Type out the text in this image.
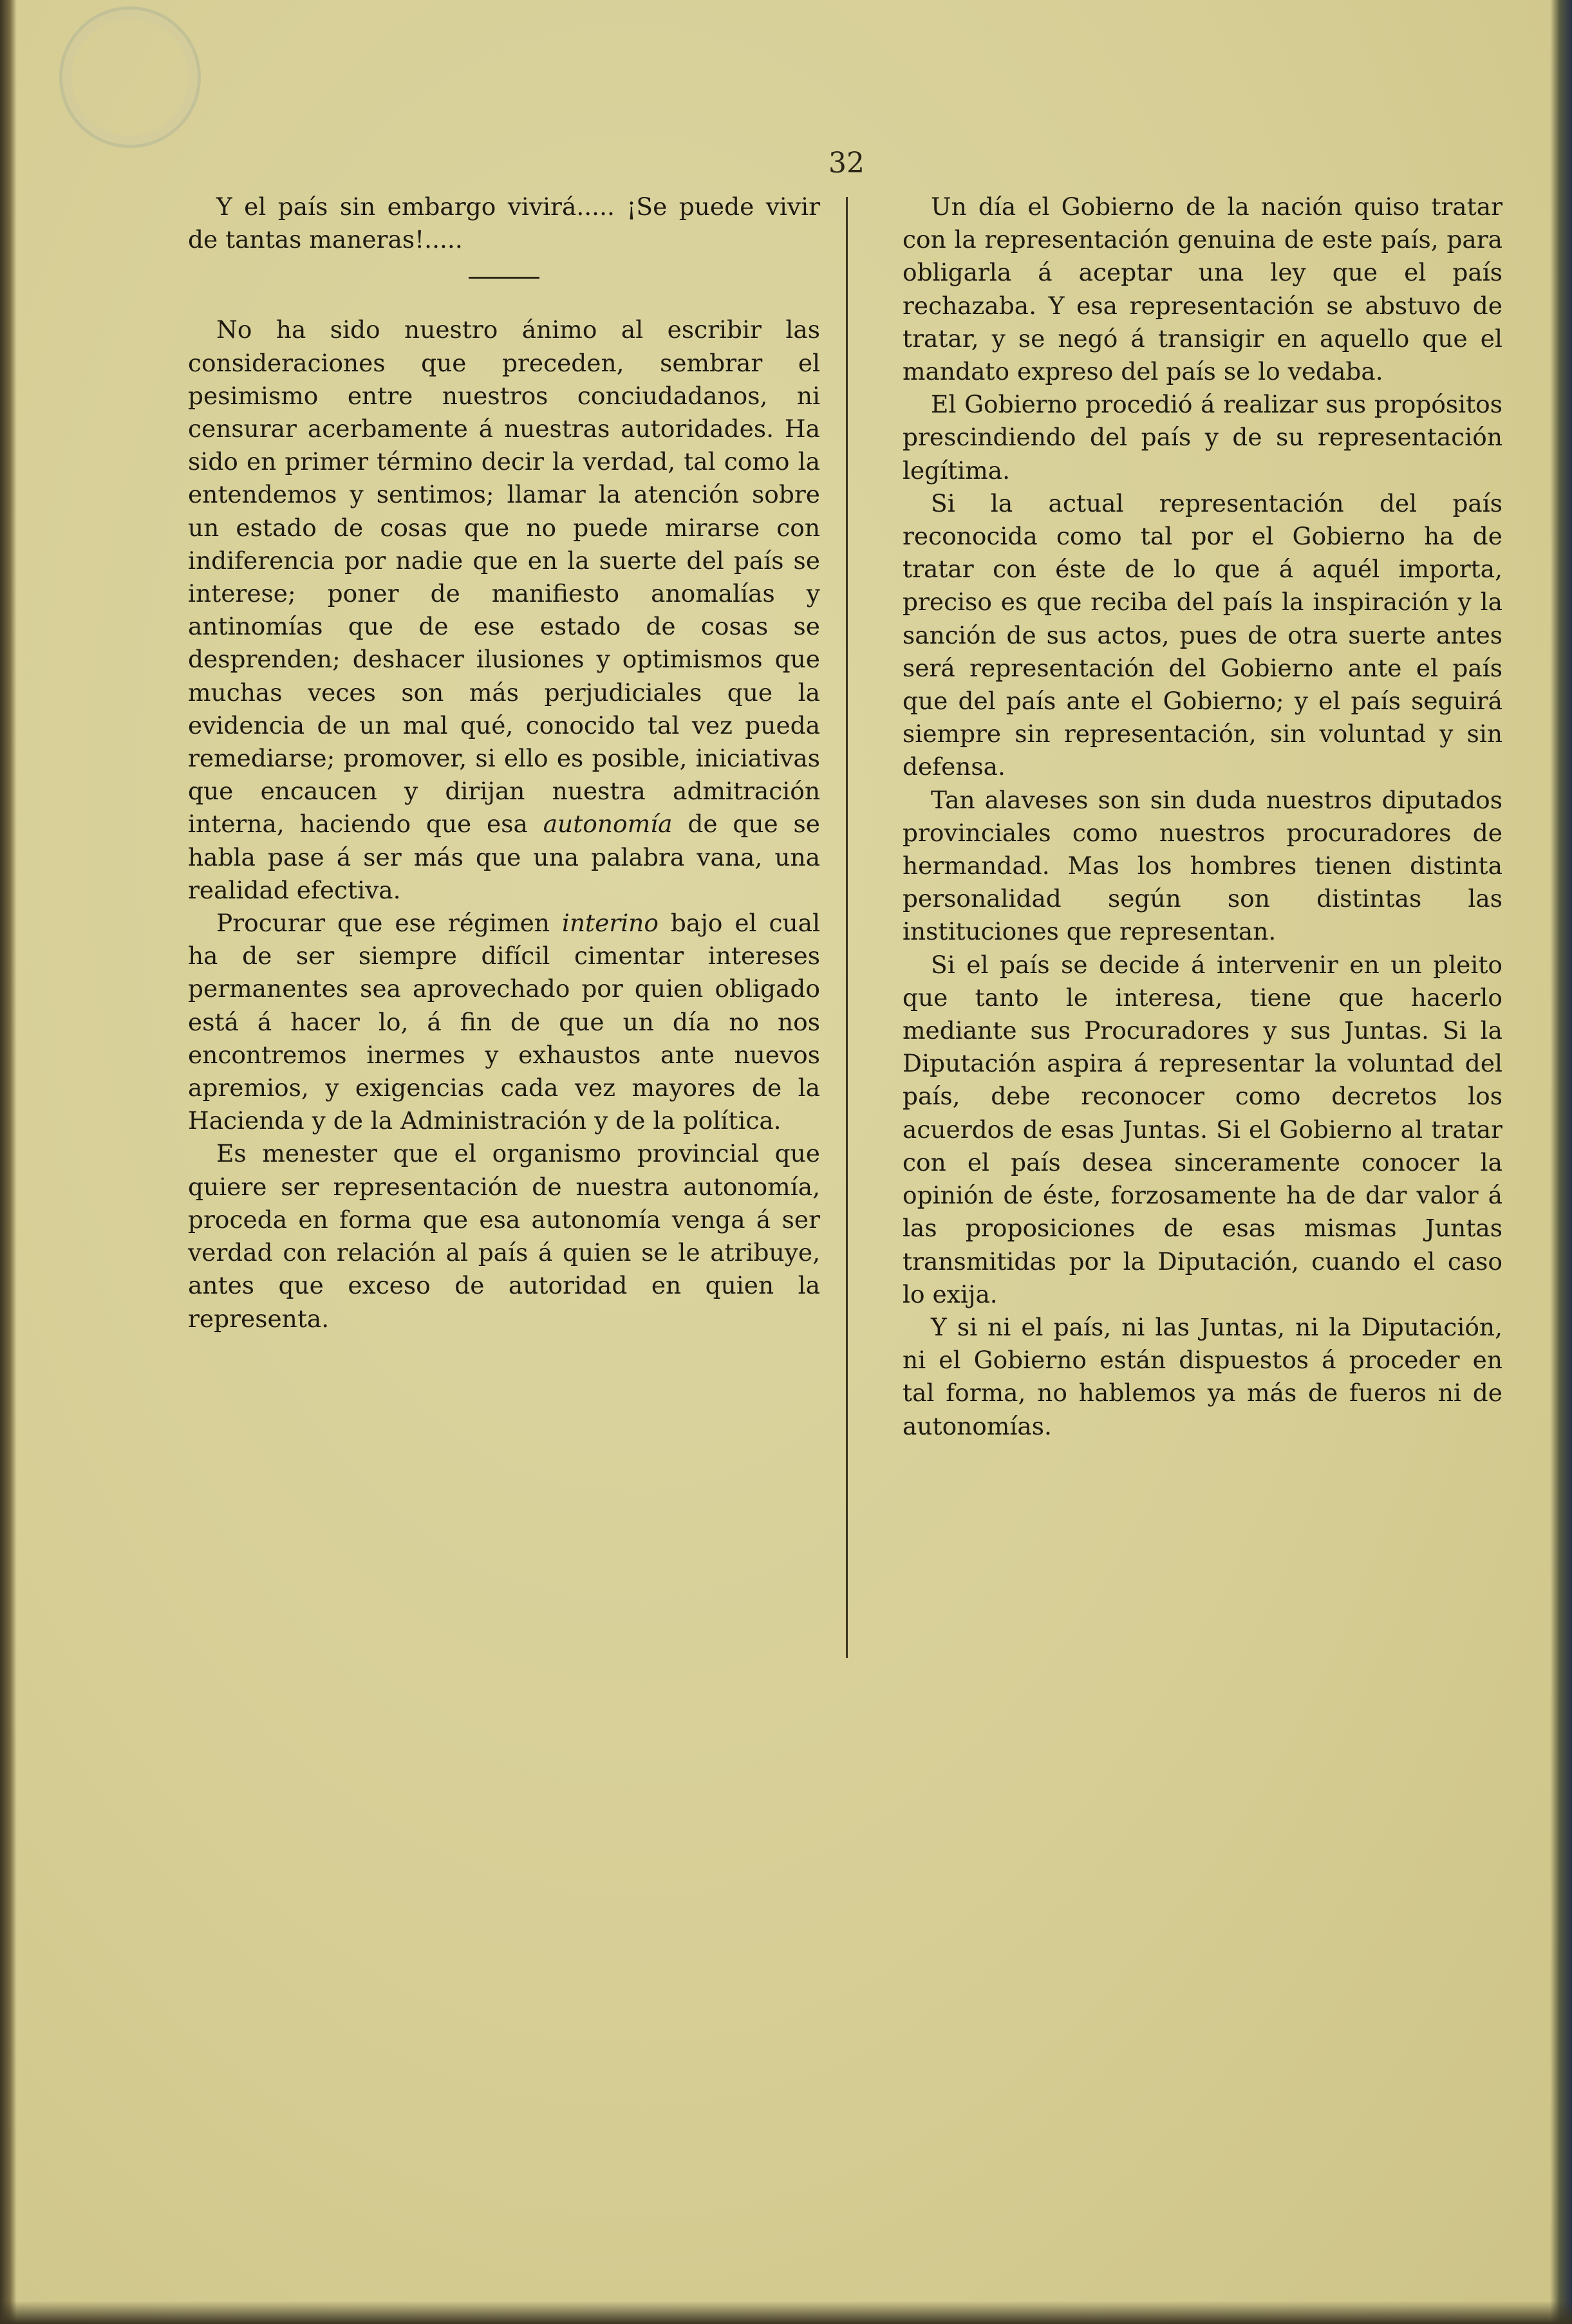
32

Y el país sin embargo vivirá..... ¡Se puede vivir de tantas maneras!.....

No ha sido nuestro ánimo al escribir las consideraciones que preceden, sembrar el pesimismo entre nuestros conciudadanos, ni censurar acerbamente á nuestras autoridades. Ha sido en primer término decir la verdad, tal como la entendemos y sentimos; llamar la atención sobre un estado de cosas que no puede mirarse con indiferencia por nadie que en la suerte del país se interese; poner de manifiesto anomalías y antinomías que de ese estado de cosas se desprenden; deshacer ilusiones y optimismos que muchas veces son más perjudiciales que la evidencia de un mal qué, conocido tal vez pueda remediarse; promover, si ello es posible, iniciativas que encaucen y dirijan nuestra admitración interna, haciendo que esa autonomía de que se habla pase á ser más que una palabra vana, una realidad efectiva.

Procurar que ese régimen interino bajo el cual ha de ser siempre difícil cimentar intereses permanentes sea aprovechado por quien obligado está á hacer lo, á fin de que un día no nos encontremos inermes y exhaustos ante nuevos apremios, y exigencias cada vez mayores de la Hacienda y de la Administración y de la política.

Es menester que el organismo provincial que quiere ser representación de nuestra autonomía, proceda en forma que esa autonomía venga á ser verdad con relación al país á quien se le atribuye, antes que exceso de autoridad en quien la representa.

Un día el Gobierno de la nación quiso tratar con la representación genuina de este país, para obligarla á aceptar una ley que el país rechazaba. Y esa representación se abstuvo de tratar, y se negó á transigir en aquello que el mandato expreso del país se lo vedaba.

El Gobierno procedió á realizar sus propósitos prescindiendo del país y de su representación legítima.

Si la actual representación del país reconocida como tal por el Gobierno ha de tratar con éste de lo que á aquél importa, preciso es que reciba del país la inspiración y la sanción de sus actos, pues de otra suerte antes será representación del Gobierno ante el país que del país ante el Gobierno; y el país seguirá siempre sin representación, sin voluntad y sin defensa.

Tan alaveses son sin duda nuestros diputados provinciales como nuestros procuradores de hermandad. Mas los hombres tienen distinta personalidad según son distintas las instituciones que representan.

Si el país se decide á intervenir en un pleito que tanto le interesa, tiene que hacerlo mediante sus Procuradores y sus Juntas. Si la Diputación aspira á representar la voluntad del país, debe reconocer como decretos los acuerdos de esas Juntas. Si el Gobierno al tratar con el país desea sinceramente conocer la opinión de éste, forzosamente ha de dar valor á las proposiciones de esas mismas Juntas transmitidas por la Diputación, cuando el caso lo exija.

Y si ni el país, ni las Juntas, ni la Diputación, ni el Gobierno están dispuestos á proceder en tal forma, no hablemos ya más de fueros ni de autonomías.
